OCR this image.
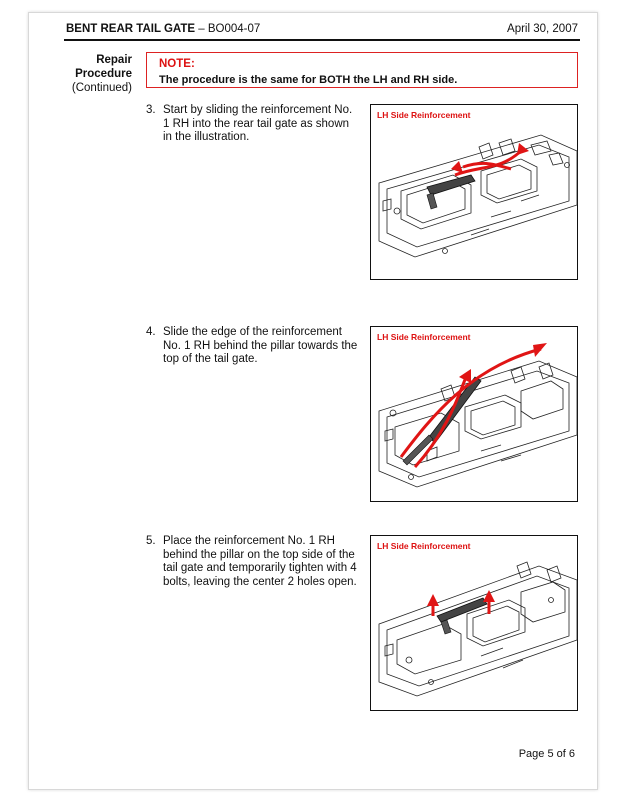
BENT REAR TAIL GATE – BO004-07	April 30, 2007
Repair
Procedure
(Continued)
NOTE:
The procedure is the same for BOTH the LH and RH side.
3. Start by sliding the reinforcement No. 1 RH into the rear tail gate as shown in the illustration.
LH Side Reinforcement
4. Slide the edge of the reinforcement No. 1 RH behind the pillar towards the top of the tail gate.
LH Side Reinforcement
5. Place the reinforcement No. 1 RH behind the pillar on the top side of the tail gate and temporarily tighten with 4 bolts, leaving the center 2 holes open.
LH Side Reinforcement
Page 5 of 6
